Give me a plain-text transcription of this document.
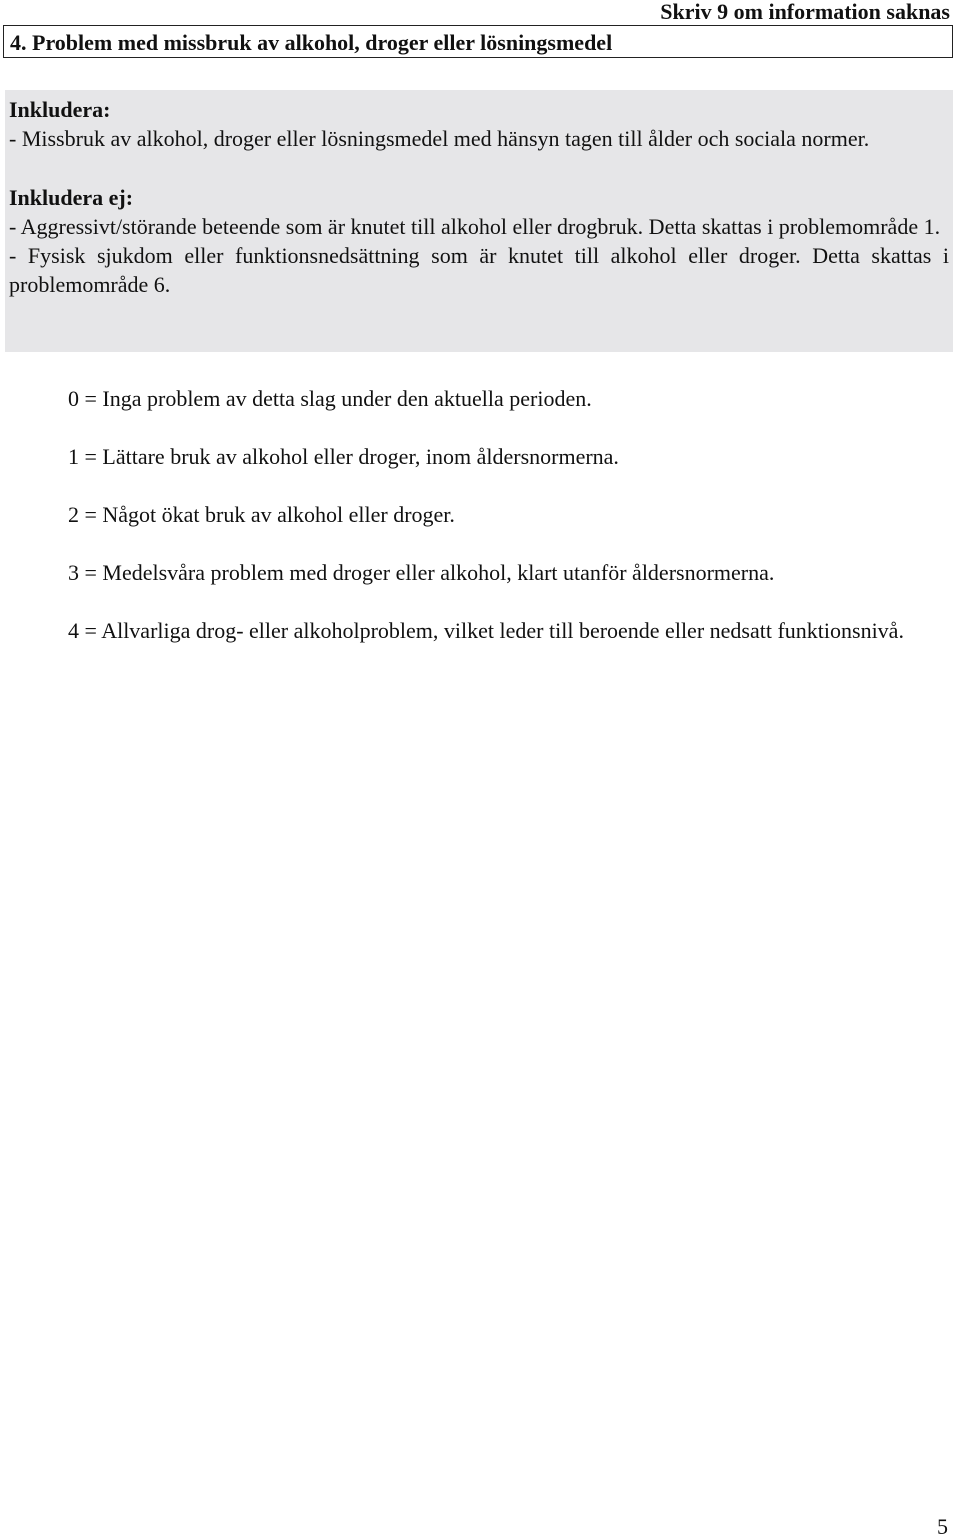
Skriv 9 om information saknas
4. Problem med missbruk av alkohol, droger eller lösningsmedel

Inkludera:

- Missbruk av alkohol, droger eller lösningsmedel med hänsyn tagen till ålder och sociala normer.

Inkludera ej:

- Aggressivt/störande beteende som är knutet till alkohol eller drogbruk. Detta skattas i problemområde 1.

- Fysisk sjukdom eller funktionsnedsättning som är knutet till alkohol eller droger. Detta skattas i problemområde 6.

0 = Inga problem av detta slag under den aktuella perioden.

1 = Lättare bruk av alkohol eller droger, inom åldersnormerna.

2 = Något ökat bruk av alkohol eller droger.

3 = Medelsvåra problem med droger eller alkohol, klart utanför åldersnormerna.

4 = Allvarliga drog- eller alkoholproblem, vilket leder till beroende eller nedsatt funktionsnivå.

5
